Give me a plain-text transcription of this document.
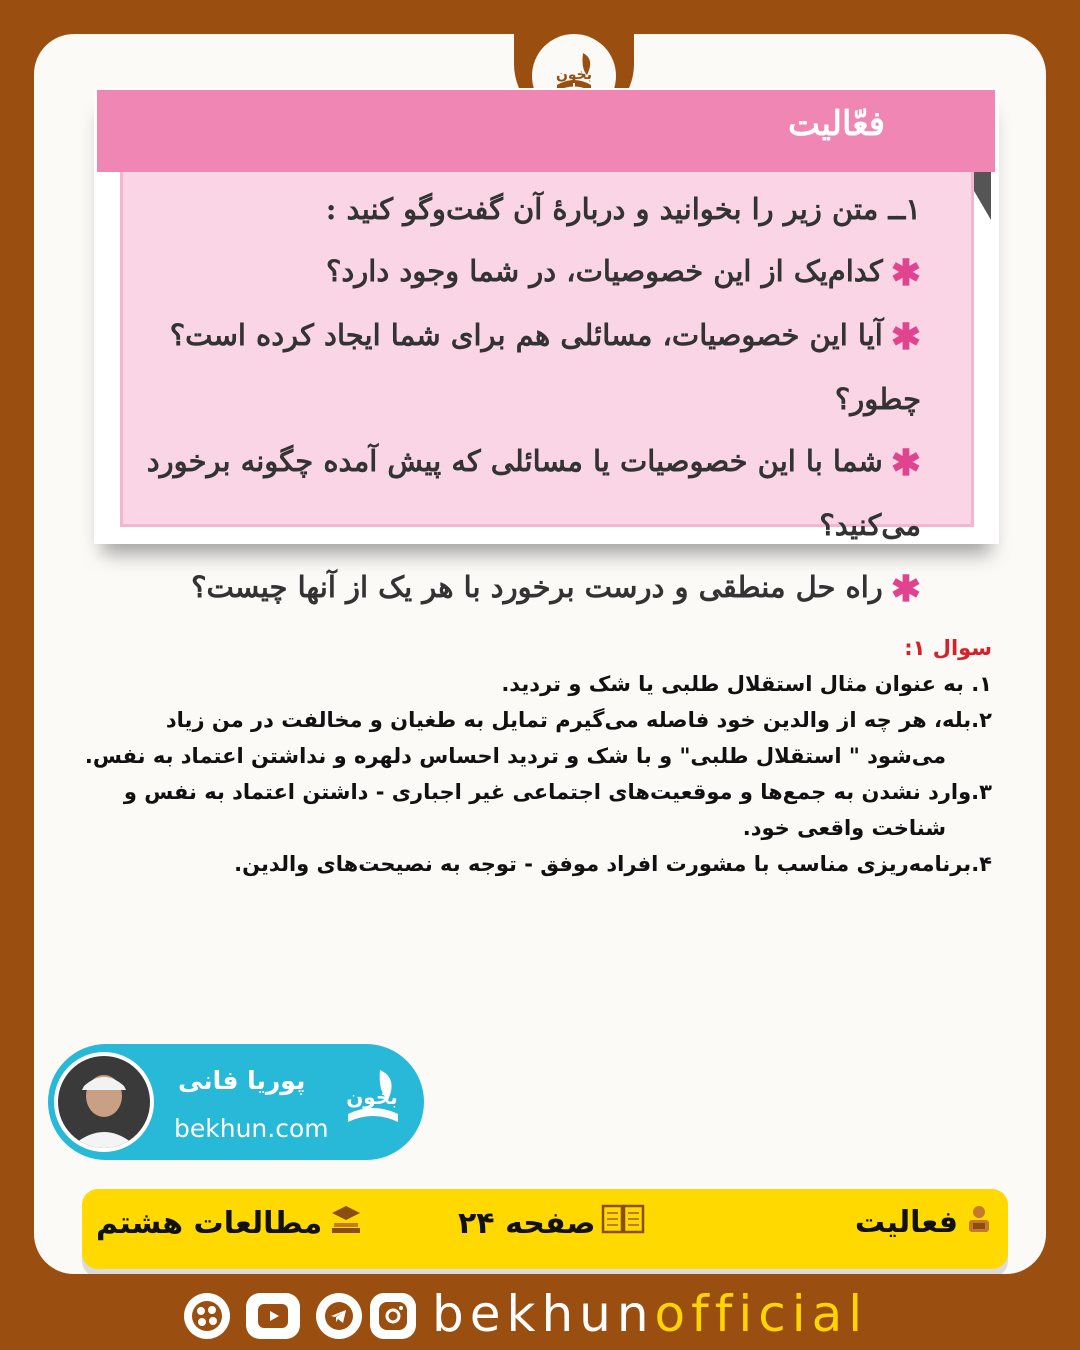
بخون
فعّالیت
۱ــ متن زیر را بخوانید و دربارهٔ آن گفت‌وگو کنید :
✱کدام‌یک از این خصوصیات، در شما وجود دارد؟
✱آیا این خصوصیات، مسائلی هم برای شما ایجاد کرده است؟ چطور؟
✱شما با این خصوصیات یا مسائلی که پیش آمده چگونه برخورد می‌کنید؟
✱راه حل منطقی و درست برخورد با هر یک از آنها چیست؟
سوال ۱:
۱. به عنوان مثال استقلال طلبی یا شک و تردید.
۲.بله، هر چه از والدین خود فاصله می‌گیرم تمایل به طغیان و مخالفت در من زیاد
می‌شود " استقلال طلبی" و با شک و تردید احساس دلهره و نداشتن اعتماد به نفس.
۳.وارد نشدن به جمع‌ها و موقعیت‌های اجتماعی غیر اجباری - داشتن اعتماد به نفس و
شناخت واقعی خود.
۴.برنامه‌ریزی مناسب با مشورت افراد موفق - توجه به نصیحت‌های والدین.
پوریا فانی
bekhun.com
بخون
فعالیت
صفحه ۲۴
مطالعات هشتم
bekhunofficial
